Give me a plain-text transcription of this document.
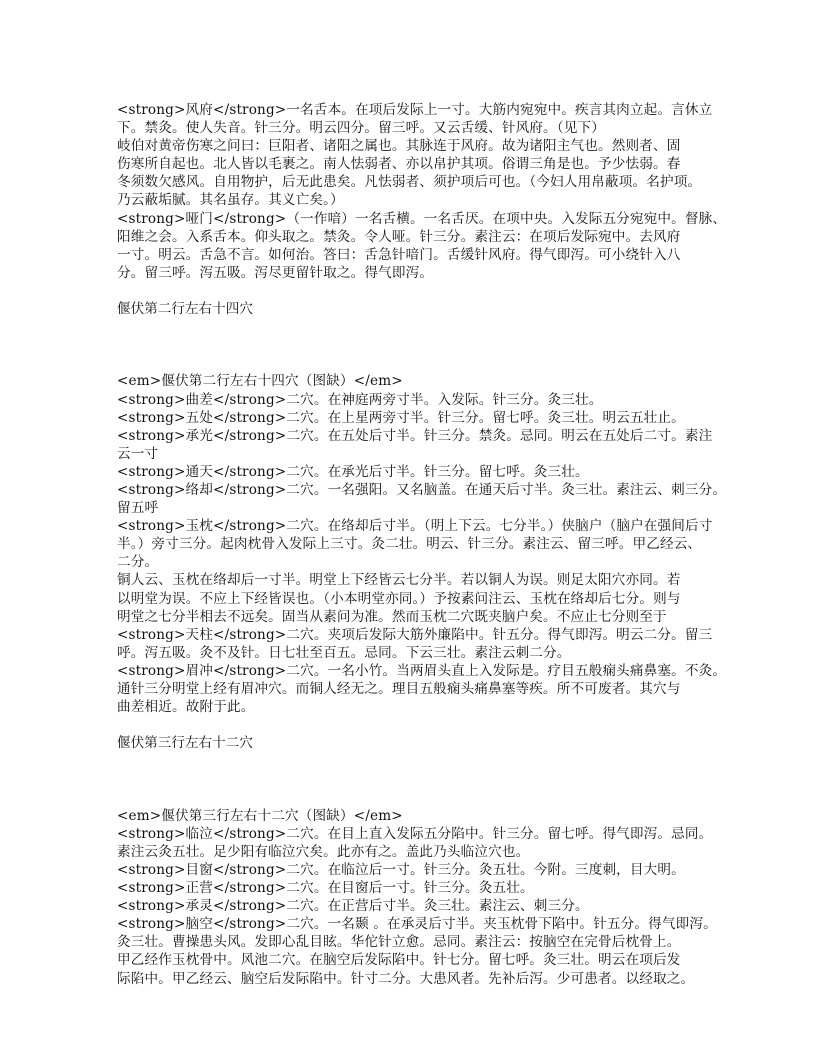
<strong>风府</strong>一名舌本。在项后发际上一寸。大筋内宛宛中。疾言其肉立起。言休立
下。禁灸。使人失音。针三分。明云四分。留三呼。又云舌缓、针风府。（见下）
岐伯对黄帝伤寒之问曰：巨阳者、诸阳之属也。其脉连于风府。故为诸阳主气也。然则者、固
伤寒所自起也。北人皆以毛裹之。南人怯弱者、亦以帛护其项。俗谓三角是也。予少怯弱。春
冬须数欠感风。自用物护，后无此患矣。凡怯弱者、须护项后可也。（今妇人用帛蔽项。名护项。
乃云蔽垢腻。其名虽存。其义亡矣。）
<strong>哑门</strong>（一作喑）一名舌横。一名舌厌。在项中央。入发际五分宛宛中。督脉、
阳维之会。入系舌本。仰头取之。禁灸。令人哑。针三分。素注云：在项后发际宛中。去风府
一寸。明云。舌急不言。如何治。答曰：舌急针喑门。舌缓针风府。得气即泻。可小绕针入八
分。留三呼。泻五吸。泻尽更留针取之。得气即泻。
偃伏第二行左右十四穴
<em>偃伏第二行左右十四穴（图缺）</em>
<strong>曲差</strong>二穴。在神庭两旁寸半。入发际。针三分。灸三壮。
<strong>五处</strong>二穴。在上星两旁寸半。针三分。留七呼。灸三壮。明云五壮止。
<strong>承光</strong>二穴。在五处后寸半。针三分。禁灸。忌同。明云在五处后二寸。素注
云一寸
<strong>通天</strong>二穴。在承光后寸半。针三分。留七呼。灸三壮。
<strong>络却</strong>二穴。一名强阳。又名脑盖。在通天后寸半。灸三壮。素注云、刺三分。
留五呼
<strong>玉枕</strong>二穴。在络却后寸半。（明上下云。七分半。）侠脑户（脑户在强间后寸
半。）旁寸三分。起肉枕骨入发际上三寸。灸二壮。明云、针三分。素注云、留三呼。甲乙经云、
二分。
铜人云、玉枕在络却后一寸半。明堂上下经皆云七分半。若以铜人为误。则足太阳穴亦同。若
以明堂为误。不应上下经皆误也。（小本明堂亦同。）予按素问注云、玉枕在络却后七分。则与
明堂之七分半相去不远矣。固当从素问为准。然而玉枕二穴既夹脑户矣。不应止七分则至于
<strong>天柱</strong>二穴。夹项后发际大筋外廉陷中。针五分。得气即泻。明云二分。留三
呼。泻五吸。灸不及针。日七壮至百五。忌同。下云三壮。素注云刺二分。
<strong>眉冲</strong>二穴。一名小竹。当两眉头直上入发际是。疗目五般痫头痛鼻塞。不灸。
通针三分明堂上经有眉冲穴。而铜人经无之。理目五般痫头痛鼻塞等疾。所不可废者。其穴与
曲差相近。故附于此。
偃伏第三行左右十二穴
<em>偃伏第三行左右十二穴（图缺）</em>
<strong>临泣</strong>二穴。在目上直入发际五分陷中。针三分。留七呼。得气即泻。忌同。
素注云灸五壮。足少阳有临泣穴矣。此亦有之。盖此乃头临泣穴也。
<strong>目窗</strong>二穴。在临泣后一寸。针三分。灸五壮。今附。三度刺，目大明。
<strong>正营</strong>二穴。在目窗后一寸。针三分。灸五壮。
<strong>承灵</strong>二穴。在正营后寸半。灸三壮。素注云、刺三分。
<strong>脑空</strong>二穴。一名颞 。在承灵后寸半。夹玉枕骨下陷中。针五分。得气即泻。
灸三壮。曹操患头风。发即心乱目眩。华佗针立愈。忌同。素注云：按脑空在完骨后枕骨上。
甲乙经作玉枕骨中。风池二穴。在脑空后发际陷中。针七分。留七呼。灸三壮。明云在项后发
际陷中。甲乙经云、脑空后发际陷中。针寸二分。大患风者。先补后泻。少可患者。以经取之。
